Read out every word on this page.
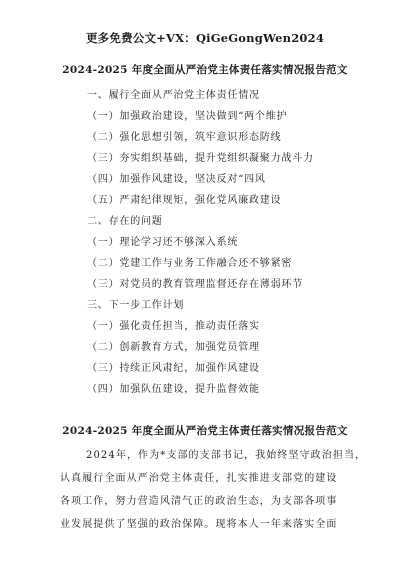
更多免费公文+VX：QiGeGongWen2024
2024-2025 年度全面从严治党主体责任落实情况报告范文
一、履行全面从严治党主体责任情况
（一）加强政治建设，坚决做到“两个维护
（二）强化思想引领，筑牢意识形态防线
（三）夯实组织基础，提升党组织凝聚力战斗力
（四）加强作风建设，坚决反对“四风
（五）严肃纪律规矩，强化党风廉政建设
二、存在的问题
（一）理论学习还不够深入系统
（二）党建工作与业务工作融合还不够紧密
（三）对党员的教育管理监督还存在薄弱环节
三、下一步工作计划
（一）强化责任担当，推动责任落实
（二）创新教育方式，加强党员管理
（三）持续正风肃纪，加强作风建设
（四）加强队伍建设，提升监督效能
2024-2025 年度全面从严治党主体责任落实情况报告范文
2024年，作为*支部的支部书记，我始终坚守政治担当，
认真履行全面从严治党主体责任，扎实推进支部党的建设
各项工作，努力营造风清气正的政治生态，为支部各项事
业发展提供了坚强的政治保障。现将本人一年来落实全面
